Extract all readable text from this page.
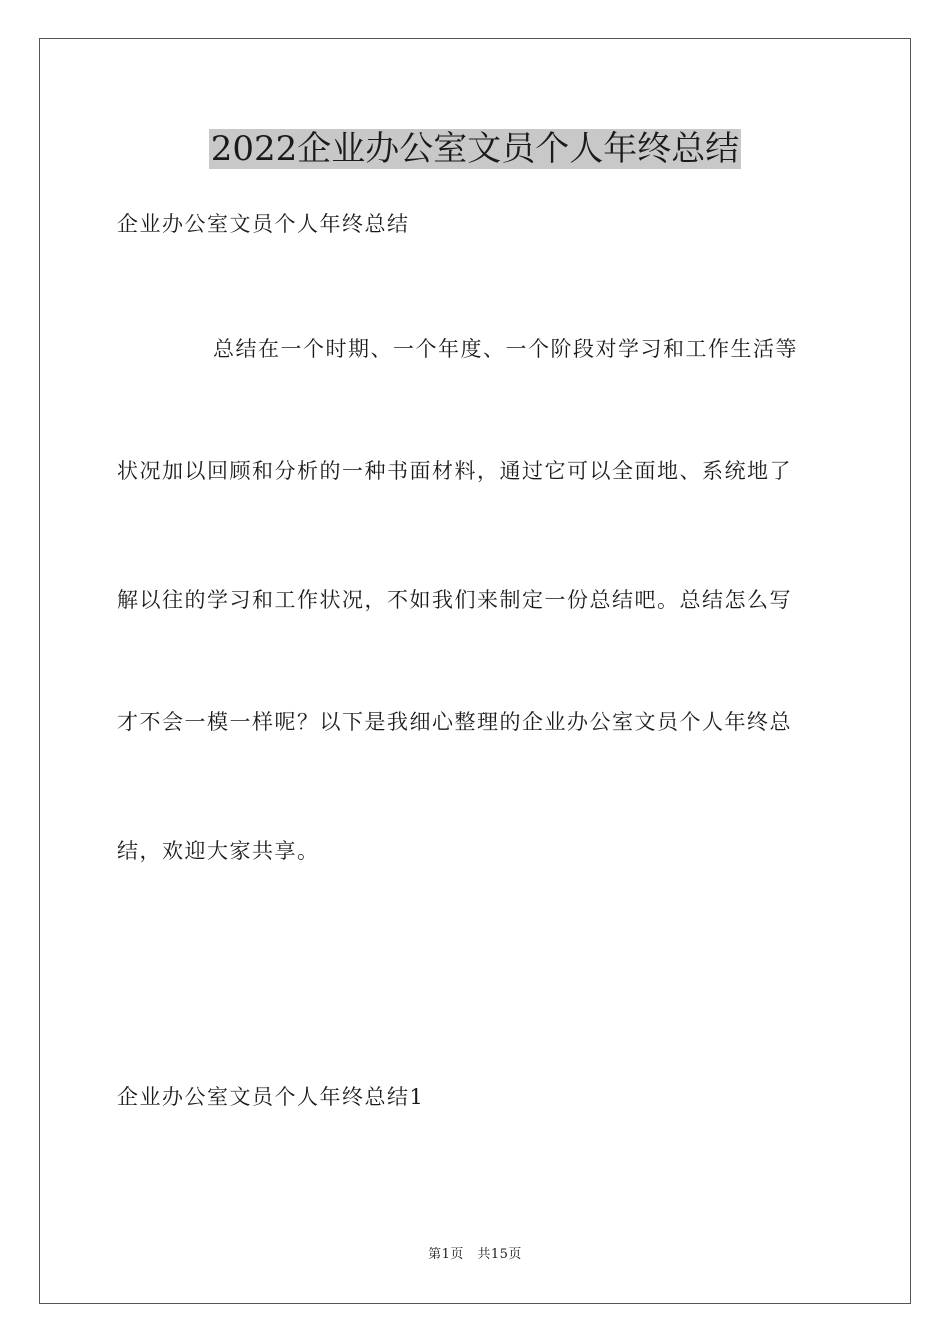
2022企业办公室文员个人年终总结
企业办公室文员个人年终总结
总结在一个时期、一个年度、一个阶段对学习和工作生活等
状况加以回顾和分析的一种书面材料，通过它可以全面地、系统地了
解以往的学习和工作状况，不如我们来制定一份总结吧。总结怎么写
才不会一模一样呢？以下是我细心整理的企业办公室文员个人年终总
结，欢迎大家共享。
企业办公室文员个人年终总结1
第1页　共15页
